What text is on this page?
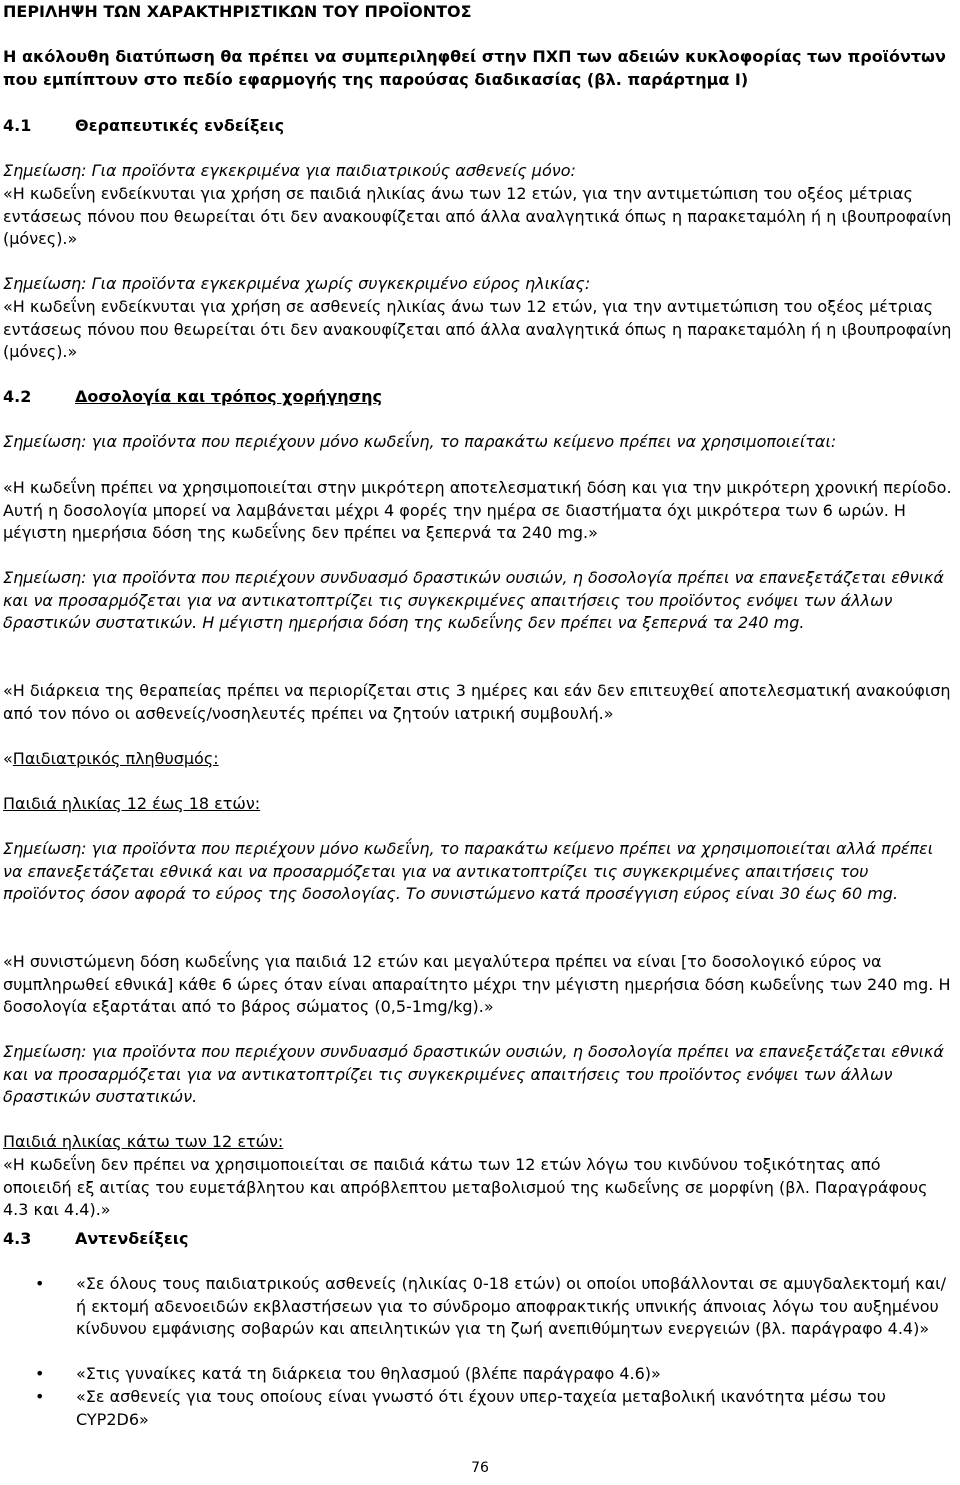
ΠΕΡΙΛΗΨΗ ΤΩΝ ΧΑΡΑΚΤΗΡΙΣΤΙΚΩΝ ΤΟΥ ΠΡΟΪΟΝΤΟΣ
Η ακόλουθη διατύπωση θα πρέπει να συμπεριληφθεί στην ΠΧΠ των αδειών κυκλοφορίας των προϊόντων που εμπίπτουν στο πεδίο εφαρμογής της παρούσας διαδικασίας (βλ. παράρτημα Ι)
4.1	Θεραπευτικές ενδείξεις
Σημείωση: Για προϊόντα εγκεκριμένα για παιδιατρικούς ασθενείς μόνο:
«Η κωδεΐνη ενδείκνυται για χρήση σε παιδιά ηλικίας άνω των 12 ετών, για την αντιμετώπιση του οξέος μέτριας εντάσεως πόνου που θεωρείται ότι δεν ανακουφίζεται από άλλα αναλγητικά όπως η παρακεταμόλη ή η ιβουπροφαίνη (μόνες).»
Σημείωση: Για προϊόντα εγκεκριμένα χωρίς συγκεκριμένο εύρος ηλικίας:
«Η κωδεΐνη ενδείκνυται για χρήση σε ασθενείς ηλικίας άνω των 12 ετών, για την αντιμετώπιση του οξέος μέτριας εντάσεως πόνου που θεωρείται ότι δεν ανακουφίζεται από άλλα αναλγητικά όπως η παρακεταμόλη ή η ιβουπροφαίνη (μόνες).»
4.2	Δοσολογία και τρόπος χορήγησης
Σημείωση: για προϊόντα που περιέχουν μόνο κωδεΐνη, το παρακάτω κείμενο πρέπει να χρησιμοποιείται:
«Η κωδεΐνη πρέπει να χρησιμοποιείται στην μικρότερη αποτελεσματική δόση και για την μικρότερη χρονική περίοδο. Αυτή η δοσολογία μπορεί να λαμβάνεται μέχρι 4 φορές την ημέρα σε διαστήματα όχι μικρότερα των 6 ωρών. Η μέγιστη ημερήσια δόση της κωδεΐνης δεν πρέπει να ξεπερνά τα 240 mg.»
Σημείωση: για προϊόντα που περιέχουν συνδυασμό δραστικών ουσιών, η δοσολογία πρέπει να επανεξετάζεται εθνικά και να προσαρμόζεται για να αντικατοπτρίζει τις συγκεκριμένες απαιτήσεις του προϊόντος ενόψει των άλλων δραστικών συστατικών. Η μέγιστη ημερήσια δόση της κωδεΐνης δεν πρέπει να ξεπερνά τα 240 mg.
«Η διάρκεια της θεραπείας πρέπει να περιορίζεται στις 3 ημέρες και εάν δεν επιτευχθεί αποτελεσματική ανακούφιση από τον πόνο οι ασθενείς/νοσηλευτές πρέπει να ζητούν ιατρική συμβουλή.»
«Παιδιατρικός πληθυσμός:
Παιδιά ηλικίας 12 έως 18 ετών:
Σημείωση: για προϊόντα που περιέχουν μόνο κωδεΐνη, το παρακάτω κείμενο πρέπει να χρησιμοποιείται αλλά πρέπει να επανεξετάζεται εθνικά και να προσαρμόζεται για να αντικατοπτρίζει τις συγκεκριμένες απαιτήσεις του προϊόντος όσον αφορά το εύρος της δοσολογίας. Το συνιστώμενο κατά προσέγγιση εύρος είναι 30 έως 60 mg.
«Η συνιστώμενη δόση κωδεΐνης για παιδιά 12 ετών και μεγαλύτερα πρέπει να είναι [το δοσολογικό εύρος να συμπληρωθεί εθνικά] κάθε 6 ώρες όταν είναι απαραίτητο μέχρι την μέγιστη ημερήσια δόση κωδεΐνης των 240 mg. Η δοσολογία εξαρτάται από το βάρος σώματος (0,5-1mg/kg).»
Σημείωση: για προϊόντα που περιέχουν συνδυασμό δραστικών ουσιών, η δοσολογία πρέπει να επανεξετάζεται εθνικά και να προσαρμόζεται για να αντικατοπτρίζει τις συγκεκριμένες απαιτήσεις του προϊόντος ενόψει των άλλων δραστικών συστατικών.
Παιδιά ηλικίας κάτω των 12 ετών:
«Η κωδεΐνη δεν πρέπει να χρησιμοποιείται σε παιδιά κάτω των 12 ετών λόγω του κινδύνου τοξικότητας από οποιειδή εξ αιτίας του ευμετάβλητου και απρόβλεπτου μεταβολισμού της κωδεΐνης σε μορφίνη (βλ. Παραγράφους 4.3 και 4.4).»
4.3	Αντενδείξεις
• «Σε όλους τους παιδιατρικούς ασθενείς (ηλικίας 0-18 ετών) οι οποίοι υποβάλλονται σε αμυγδαλεκτομή και/ή εκτομή αδενοειδών εκβλαστήσεων για το σύνδρομο αποφρακτικής υπνικής άπνοιας λόγω του αυξημένου κίνδυνου εμφάνισης σοβαρών και απειλητικών για τη ζωή ανεπιθύμητων ενεργειών (βλ. παράγραφο 4.4)»
• «Στις γυναίκες κατά τη διάρκεια του θηλασμού (βλέπε παράγραφο 4.6)»
• «Σε ασθενείς για τους οποίους είναι γνωστό ότι έχουν υπερ-ταχεία μεταβολική ικανότητα μέσω του CYP2D6»
76
